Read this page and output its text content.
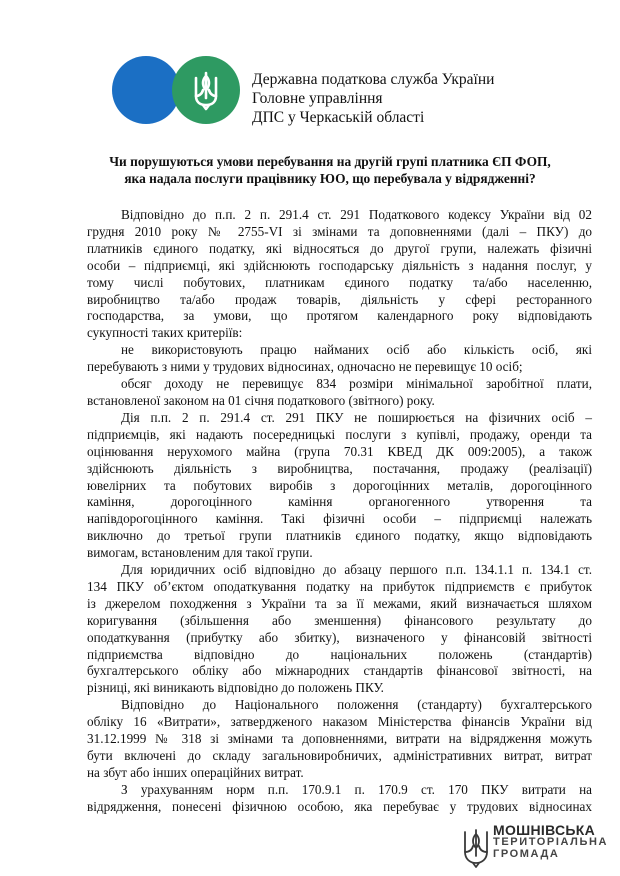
Державна податкова служба України
Головне управління
ДПС у Черкаській області
Чи порушуються умови перебування на другій групі платника ЄП ФОП,
яка надала послуги працівнику ЮО, що перебувала у відрядженні?
Відповідно до п.п. 2 п. 291.4 ст. 291 Податкового кодексу України від 02
грудня 2010 року № 2755-VI зі змінами та доповненнями (далі – ПКУ) до
платників єдиного податку, які відносяться до другої групи, належать фізичні
особи – підприємці, які здійснюють господарську діяльність з надання послуг, у
тому числі побутових, платникам єдиного податку та/або населенню,
виробництво та/або продаж товарів, діяльність у сфері ресторанного
господарства, за умови, що протягом календарного року відповідають
сукупності таких критеріїв:
не використовують працю найманих осіб або кількість осіб, які
перебувають з ними у трудових відносинах, одночасно не перевищує 10 осіб;
обсяг доходу не перевищує 834 розміри мінімальної заробітної плати,
встановленої законом на 01 січня податкового (звітного) року.
Дія п.п. 2 п. 291.4 ст. 291 ПКУ не поширюється на фізичних осіб –
підприємців, які надають посередницькі послуги з купівлі, продажу, оренди та
оцінювання нерухомого майна (група 70.31 КВЕД ДК 009:2005), а також
здійснюють діяльність з виробництва, постачання, продажу (реалізації)
ювелірних та побутових виробів з дорогоцінних металів, дорогоцінного
каміння, дорогоцінного каміння органогенного утворення та
напівдорогоцінного каміння. Такі фізичні особи – підприємці належать
виключно до третьої групи платників єдиного податку, якщо відповідають
вимогам, встановленим для такої групи.
Для юридичних осіб відповідно до абзацу першого п.п. 134.1.1 п. 134.1 ст.
134 ПКУ об’єктом оподаткування податку на прибуток підприємств є прибуток
із джерелом походження з України та за її межами, який визначається шляхом
коригування (збільшення або зменшення) фінансового результату до
оподаткування (прибутку або збитку), визначеного у фінансовій звітності
підприємства відповідно до національних положень (стандартів)
бухгалтерського обліку або міжнародних стандартів фінансової звітності, на
різниці, які виникають відповідно до положень ПКУ.
Відповідно до Національного положення (стандарту) бухгалтерського
обліку 16 «Витрати», затвердженого наказом Міністерства фінансів України від
31.12.1999 № 318 зі змінами та доповненнями, витрати на відрядження можуть
бути включені до складу загальновиробничих, адміністративних витрат, витрат
на збут або інших операційних витрат.
З урахуванням норм п.п. 170.9.1 п. 170.9 ст. 170 ПКУ витрати на
відрядження, понесені фізичною особою, яка перебуває у трудових відносинах
МОШНІВСЬКА
ТЕРИТОРІАЛЬНА
ГРОМАДА
